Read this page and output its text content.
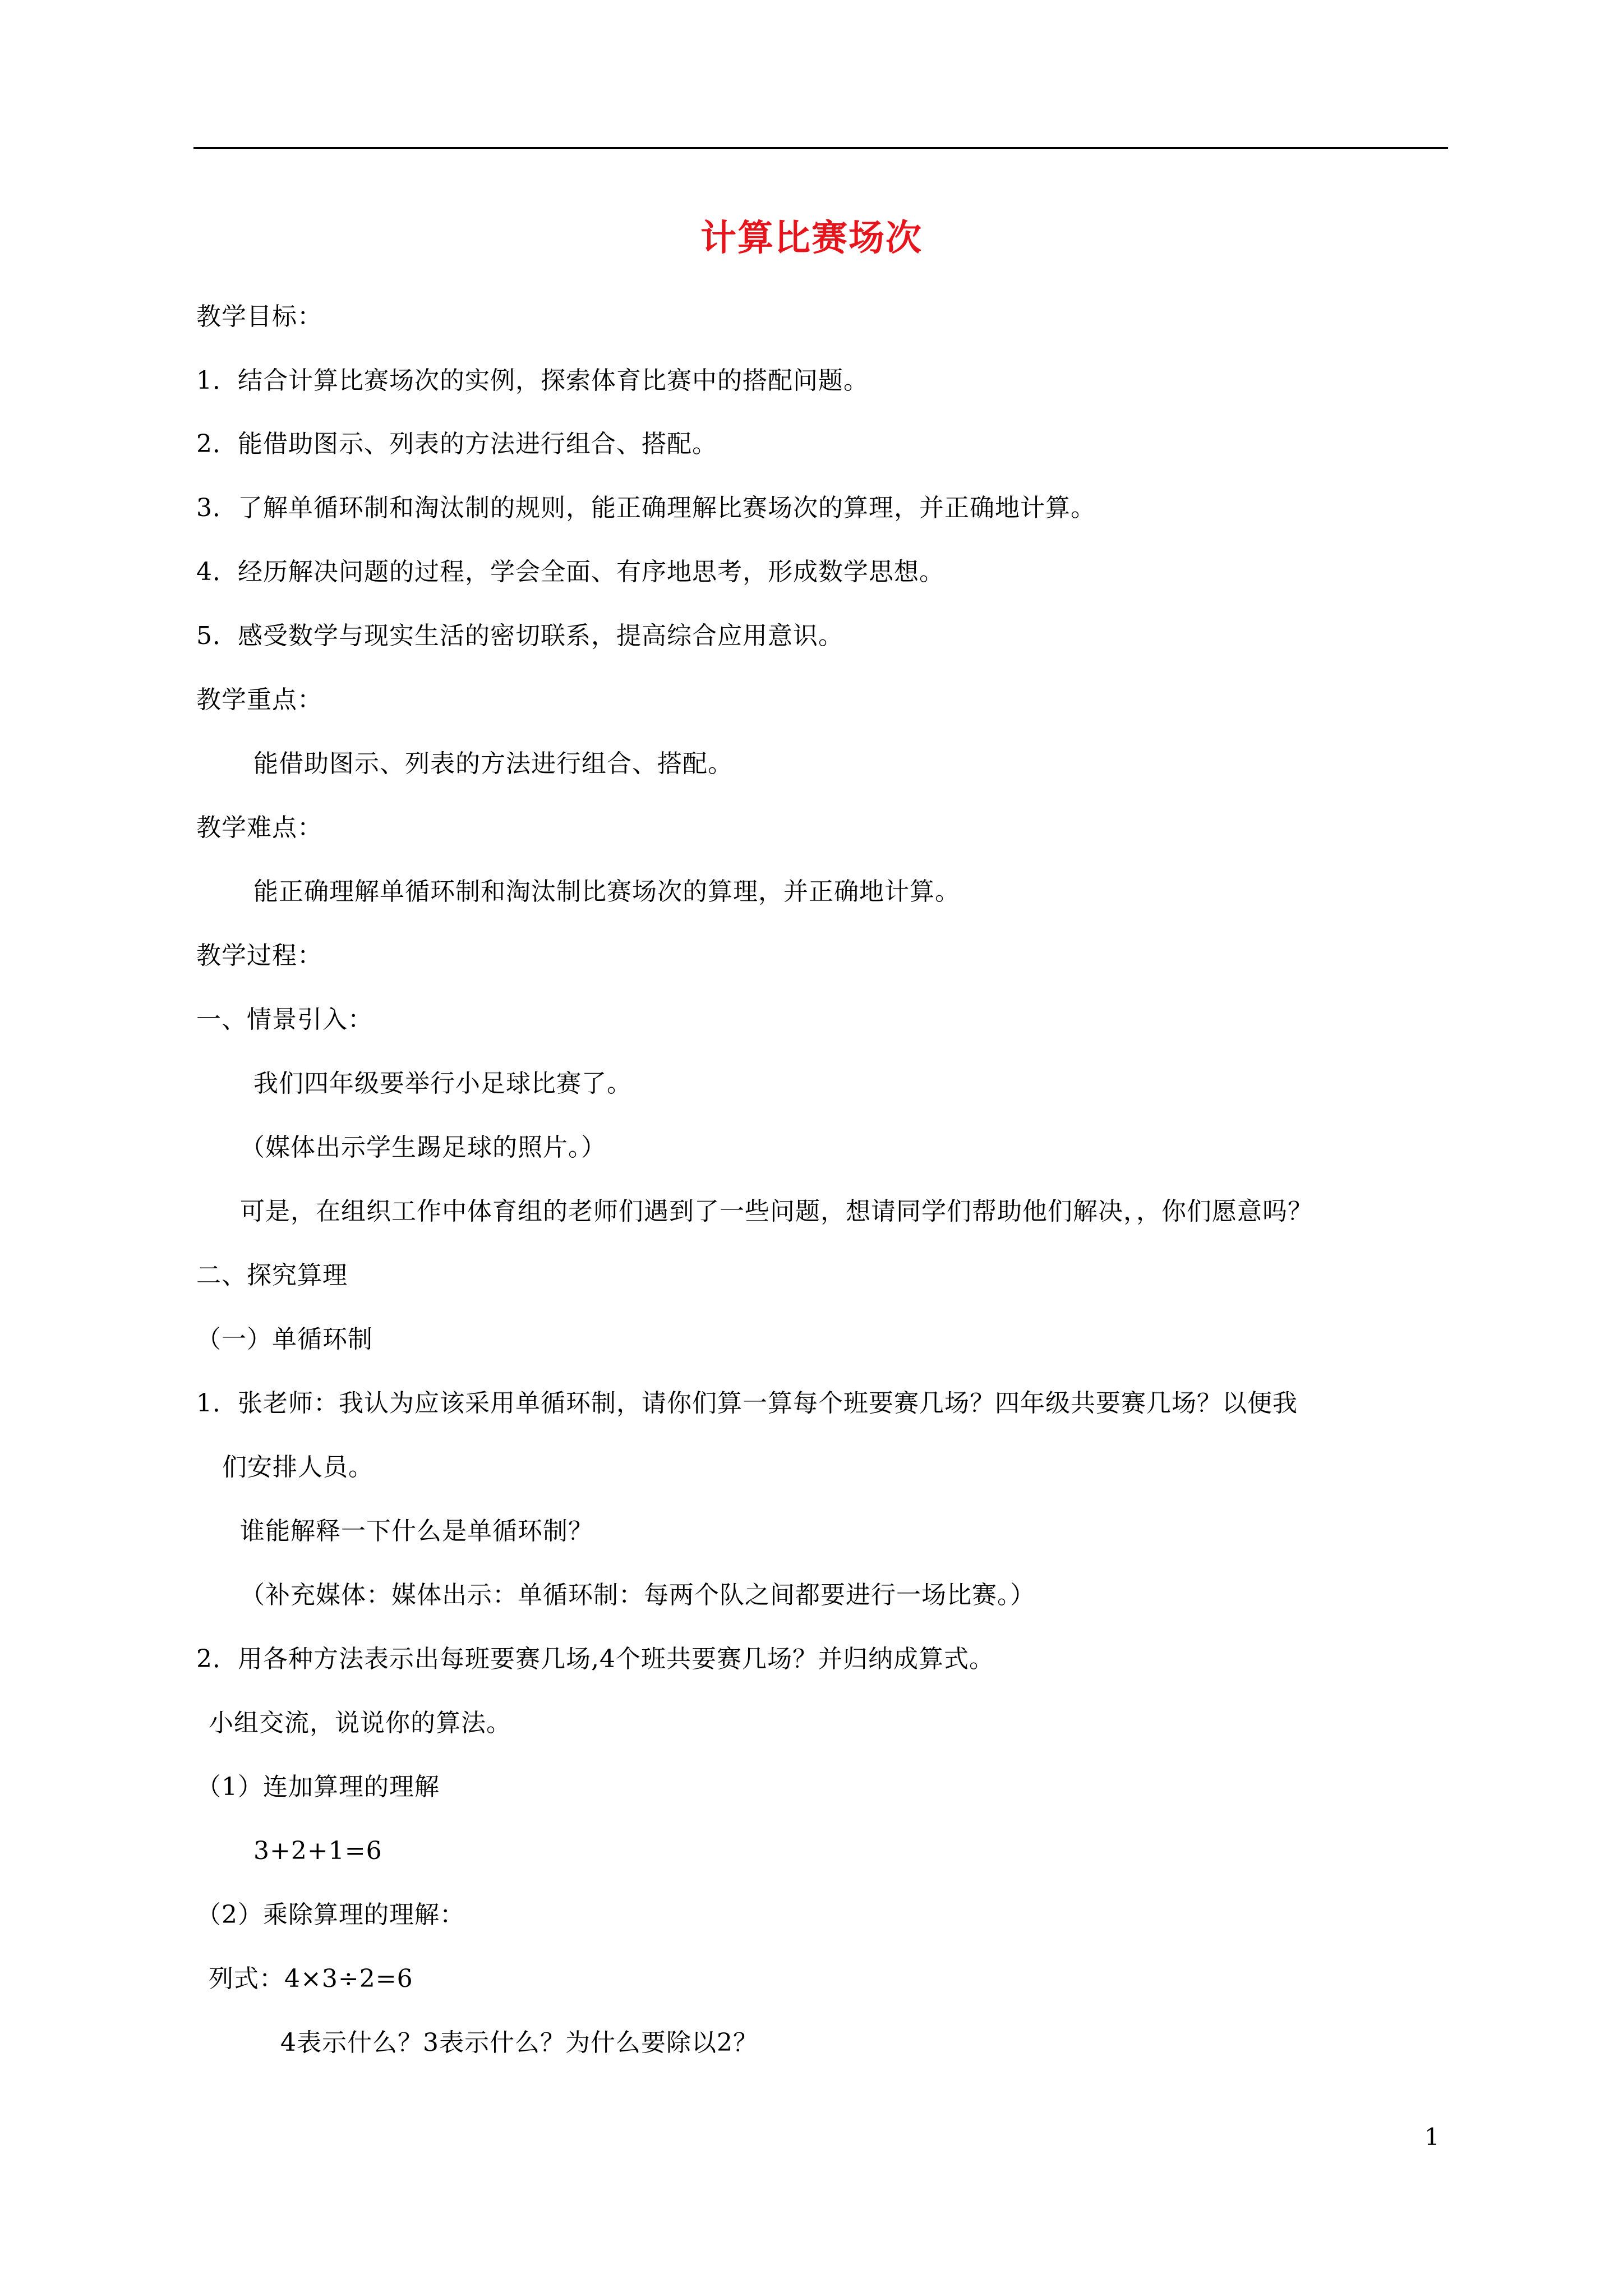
计算比赛场次
教学目标：
1．结合计算比赛场次的实例，探索体育比赛中的搭配问题。
2．能借助图示、列表的方法进行组合、搭配。
3．了解单循环制和淘汰制的规则，能正确理解比赛场次的算理，并正确地计算。
4．经历解决问题的过程，学会全面、有序地思考，形成数学思想。
5．感受数学与现实生活的密切联系，提高综合应用意识。
教学重点：
能借助图示、列表的方法进行组合、搭配。
教学难点：
能正确理解单循环制和淘汰制比赛场次的算理，并正确地计算。
教学过程：
一、情景引入：
我们四年级要举行小足球比赛了。
（媒体出示学生踢足球的照片。）
可是，在组织工作中体育组的老师们遇到了一些问题，想请同学们帮助他们解决，，你们愿意吗？
二、探究算理
（一）单循环制
1．张老师：我认为应该采用单循环制，请你们算一算每个班要赛几场？四年级共要赛几场？以便我
们安排人员。
谁能解释一下什么是单循环制？
（补充媒体：媒体出示：单循环制：每两个队之间都要进行一场比赛。）
2．用各种方法表示出每班要赛几场,4个班共要赛几场？并归纳成算式。
小组交流，说说你的算法。
（1）连加算理的理解
3+2+1=6
（2）乘除算理的理解：
列式：4×3÷2=6
4表示什么？3表示什么？为什么要除以2？
1
